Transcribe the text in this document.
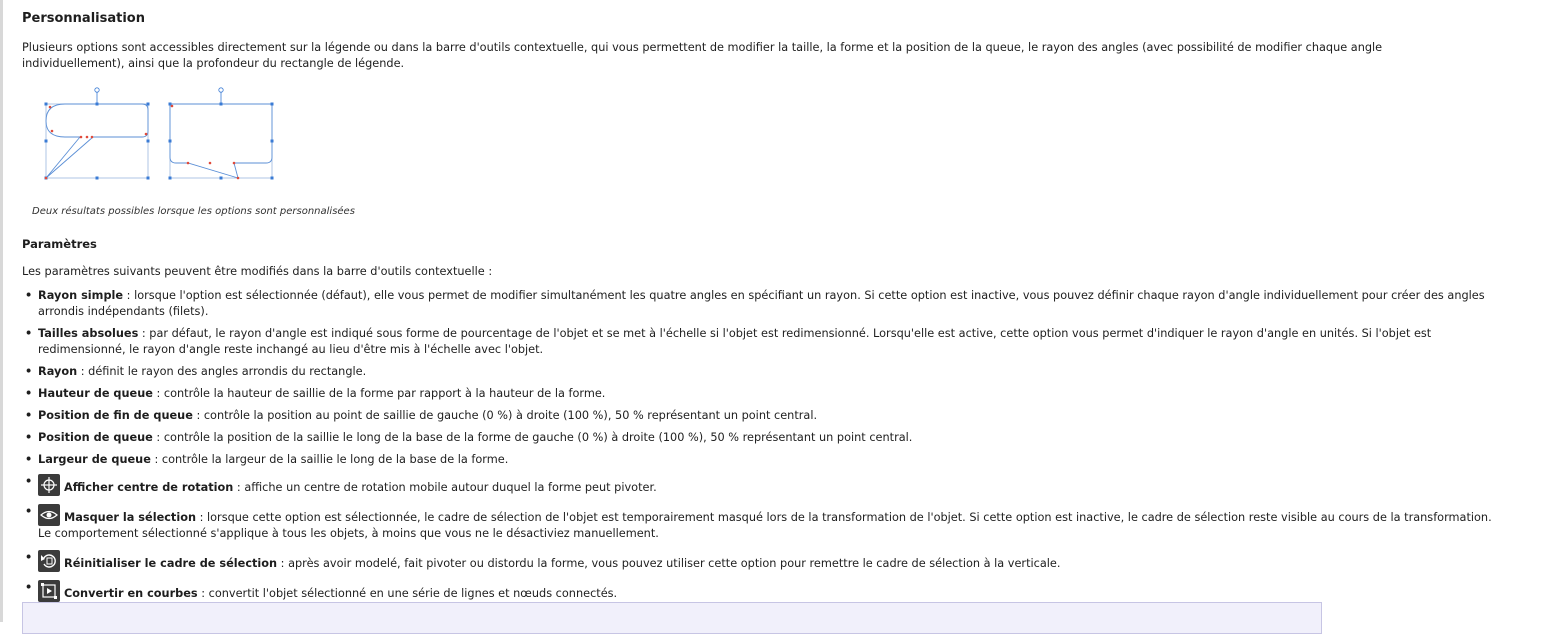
Personnalisation

Plusieurs options sont accessibles directement sur la légende ou dans la barre d'outils contextuelle, qui vous permettent de modifier la taille, la forme et la position de la queue, le rayon des angles (avec possibilité de modifier chaque angle individuellement), ainsi que la profondeur du rectangle de légende.

Deux résultats possibles lorsque les options sont personnalisées
Paramètres

Les paramètres suivants peuvent être modifiés dans la barre d'outils contextuelle :

• Rayon simple : lorsque l'option est sélectionnée (défaut), elle vous permet de modifier simultanément les quatre angles en spécifiant un rayon. Si cette option est inactive, vous pouvez définir chaque rayon d'angle individuellement pour créer des angles arrondis indépendants (filets).
• Tailles absolues : par défaut, le rayon d'angle est indiqué sous forme de pourcentage de l'objet et se met à l'échelle si l'objet est redimensionné. Lorsqu'elle est active, cette option vous permet d'indiquer le rayon d'angle en unités. Si l'objet est redimensionné, le rayon d'angle reste inchangé au lieu d'être mis à l'échelle avec l'objet.
• Rayon : définit le rayon des angles arrondis du rectangle.
• Hauteur de queue : contrôle la hauteur de saillie de la forme par rapport à la hauteur de la forme.
• Position de fin de queue : contrôle la position au point de saillie de gauche (0 %) à droite (100 %), 50 % représentant un point central.
• Position de queue : contrôle la position de la saillie le long de la base de la forme de gauche (0 %) à droite (100 %), 50 % représentant un point central.
• Largeur de queue : contrôle la largeur de la saillie le long de la base de la forme.
• Afficher centre de rotation : affiche un centre de rotation mobile autour duquel la forme peut pivoter.
• Masquer la sélection : lorsque cette option est sélectionnée, le cadre de sélection de l'objet est temporairement masqué lors de la transformation de l'objet. Si cette option est inactive, le cadre de sélection reste visible au cours de la transformation. Le comportement sélectionné s'applique à tous les objets, à moins que vous ne le désactiviez manuellement.
• Réinitialiser le cadre de sélection : après avoir modelé, fait pivoter ou distordu la forme, vous pouvez utiliser cette option pour remettre le cadre de sélection à la verticale.
• Convertir en courbes : convertit l'objet sélectionné en une série de lignes et nœuds connectés.
